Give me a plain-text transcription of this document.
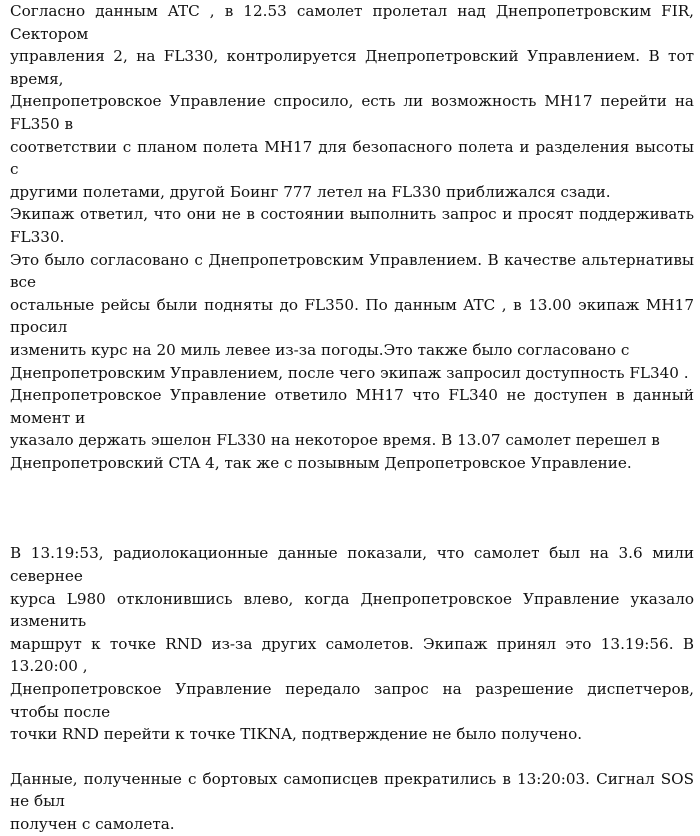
Согласно данным ATC , в 12.53 самолет пролетал над Днепропетровским FIR, Сектором
управления 2, на FL330, контролируется Днепропетровский Управлением. В тот время,
Днепропетровское Управление спросило, есть ли возможность MH17 перейти на FL350 в
соответствии с планом полета MH17 для безопасного полета и разделения высоты с
другими полетами, другой Боинг 777 летел на FL330 приближался сзади.
Экипаж ответил, что они не в состоянии выполнить запрос и просят поддерживать FL330.
Это было согласовано с Днепропетровским Управлением. В качестве альтернативы все
остальные рейсы были подняты до FL350. По данным ATC , в 13.00 экипаж MH17 просил
изменить курс на 20 миль левее из-за погоды.Это также было согласовано с
Днепропетровским Управлением, после чего экипаж запросил доступность FL340 .
Днепропетровское Управление ответило MH17 что FL340 не доступен в данный момент и
указало держать эшелон FL330 на некоторое время. В 13.07 самолет перешел в
Днепропетровский CTA 4, так же с позывным Депропетровское Управление.
В 13.19:53, радиолокационные данные показали, что самолет был на 3.6 мили севернее
курса L980 отклонившись влево, когда Днепропетровское Управление указало изменить
маршрут к точке RND из-за других самолетов. Экипаж принял это 13.19:56. В 13.20:00 ,
Днепропетровское Управление передало запрос на разрешение диспетчеров, чтобы после
точки RND перейти к точке TIKNA, подтверждение не было получено.
Данные, полученные с бортовых самописцев прекратились в 13:20:03. Сигнал SOS не был
получен с самолета.
